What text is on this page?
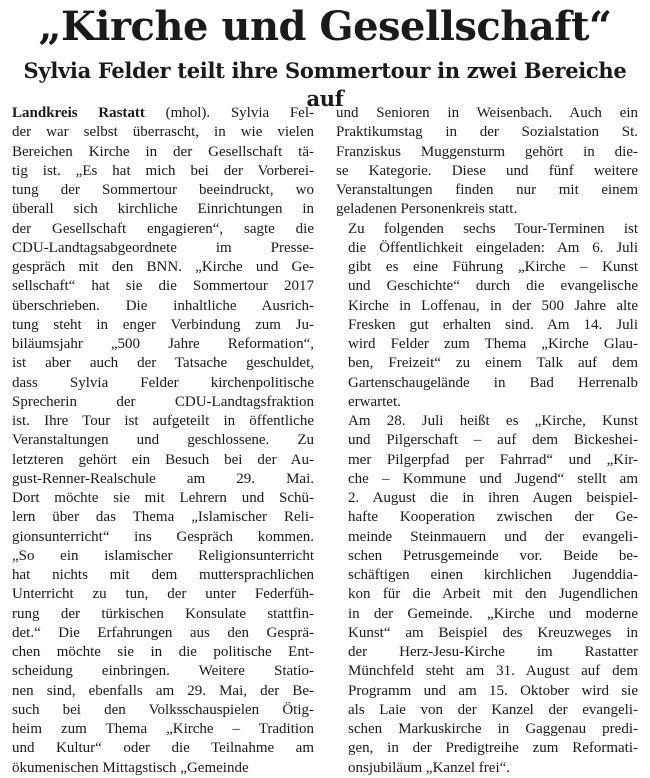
„Kirche und Gesellschaft“
Sylvia Felder teilt ihre Sommertour in zwei Bereiche auf

Landkreis Rastatt (mhol). Sylvia Fel-
der war selbst überrascht, in wie vielen
Bereichen Kirche in der Gesellschaft tä-
tig ist. „Es hat mich bei der Vorberei-
tung der Sommertour beeindruckt, wo
überall sich kirchliche Einrichtungen in
der Gesellschaft engagieren“, sagte die
CDU-Landtagsabgeordnete im Presse-
gespräch mit den BNN. „Kirche und Ge-
sellschaft“ hat sie die Sommertour 2017
überschrieben. Die inhaltliche Ausrich-
tung steht in enger Verbindung zum Ju-
biläumsjahr „500 Jahre Reformation“,
ist aber auch der Tatsache geschuldet,
dass Sylvia Felder kirchenpolitische
Sprecherin der CDU-Landtagsfraktion
ist. Ihre Tour ist aufgeteilt in öffentliche
Veranstaltungen und geschlossene. Zu
letzteren gehört ein Besuch bei der Au-
gust-Renner-Realschule am 29. Mai.
Dort möchte sie mit Lehrern und Schü-
lern über das Thema „Islamischer Reli-
gionsunterricht“ ins Gespräch kommen.
„So ein islamischer Religionsunterricht
hat nichts mit dem muttersprachlichen
Unterricht zu tun, der unter Federfüh-
rung der türkischen Konsulate stattfin-
det.“ Die Erfahrungen aus den Gesprä-
chen möchte sie in die politische Ent-
scheidung einbringen. Weitere Statio-
nen sind, ebenfalls am 29. Mai, der Be-
such bei den Volksschauspielen Ötig-
heim zum Thema „Kirche – Tradition
und Kultur“ oder die Teilnahme am
ökumenischen Mittagstisch „Gemeinde

und Senioren in Weisenbach. Auch ein
Praktikumstag in der Sozialstation St.
Franziskus Muggensturm gehört in die-
se Kategorie. Diese und fünf weitere
Veranstaltungen finden nur mit einem
geladenen Personenkreis statt.

Zu folgenden sechs Tour-Terminen ist
die Öffentlichkeit eingeladen: Am 6. Juli
gibt es eine Führung „Kirche – Kunst
und Geschichte“ durch die evangelische
Kirche in Loffenau, in der 500 Jahre alte
Fresken gut erhalten sind. Am 14. Juli
wird Felder zum Thema „Kirche Glau-
ben, Freizeit“ zu einem Talk auf dem
Gartenschaugelände in Bad Herrenalb
erwartet.

Am 28. Juli heißt es „Kirche, Kunst
und Pilgerschaft – auf dem Bickeshei-
mer Pilgerpfad per Fahrrad“ und „Kir-
che – Kommune und Jugend“ stellt am
2. August die in ihren Augen beispiel-
hafte Kooperation zwischen der Ge-
meinde Steinmauern und der evangeli-
schen Petrusgemeinde vor. Beide be-
schäftigen einen kirchlichen Jugenddia-
kon für die Arbeit mit den Jugendlichen
in der Gemeinde. „Kirche und moderne
Kunst“ am Beispiel des Kreuzweges in
der Herz-Jesu-Kirche im Rastatter
Münchfeld steht am 31. August auf dem
Programm und am 15. Oktober wird sie
als Laie von der Kanzel der evangeli-
schen Markuskirche in Gaggenau predi-
gen, in der Predigtreihe zum Reformati-
onsjubiläum „Kanzel frei“.
